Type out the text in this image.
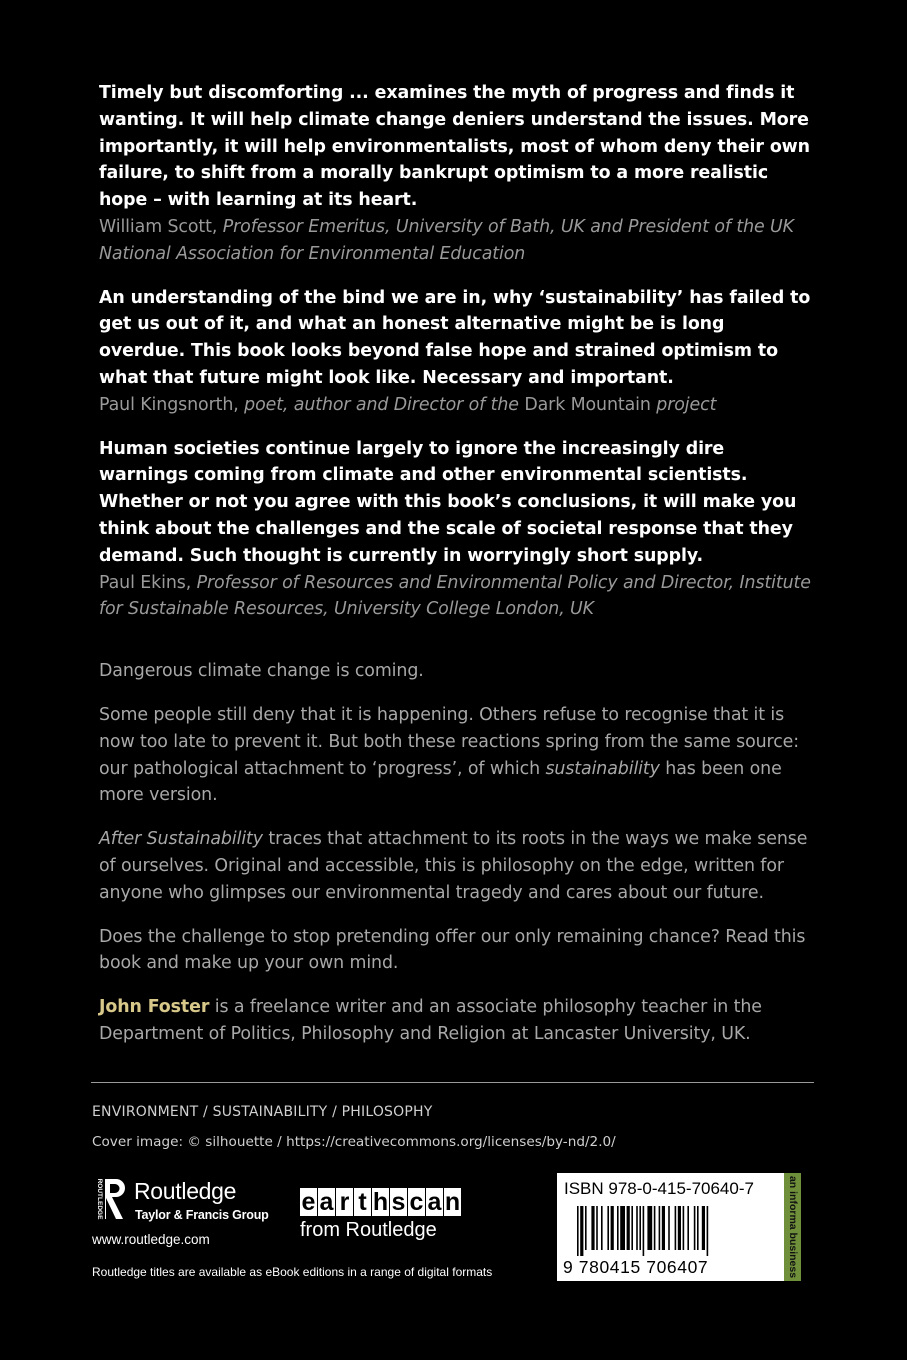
Timely but discomforting ... examines the myth of progress and finds it wanting. It will help climate change deniers understand the issues. More importantly, it will help environmentalists, most of whom deny their own failure, to shift from a morally bankrupt optimism to a more realistic hope – with learning at its heart.
William Scott, Professor Emeritus, University of Bath, UK and President of the UK National Association for Environmental Education
An understanding of the bind we are in, why ‘sustainability’ has failed to get us out of it, and what an honest alternative might be is long overdue. This book looks beyond false hope and strained optimism to what that future might look like. Necessary and important.
Paul Kingsnorth, poet, author and Director of the Dark Mountain project
Human societies continue largely to ignore the increasingly dire warnings coming from climate and other environmental scientists. Whether or not you agree with this book’s conclusions, it will make you think about the challenges and the scale of societal response that they demand. Such thought is currently in worryingly short supply.
Paul Ekins, Professor of Resources and Environmental Policy and Director, Institute for Sustainable Resources, University College London, UK

Dangerous climate change is coming.

Some people still deny that it is happening. Others refuse to recognise that it is now too late to prevent it. But both these reactions spring from the same source: our pathological attachment to ‘progress’, of which sustainability has been one more version.

After Sustainability traces that attachment to its roots in the ways we make sense of ourselves. Original and accessible, this is philosophy on the edge, written for anyone who glimpses our environmental tragedy and cares about our future.

Does the challenge to stop pretending offer our only remaining chance? Read this book and make up your own mind.

John Foster is a freelance writer and an associate philosophy teacher in the Department of Politics, Philosophy and Religion at Lancaster University, UK.

ENVIRONMENT / SUSTAINABILITY / PHILOSOPHY
Cover image: © silhouette / https://creativecommons.org/licenses/by-nd/2.0/
ROUTLEDGE Routledge
Taylor & Francis Group
www.routledge.com
e a r t h s c a n
from Routledge
Routledge titles are available as eBook editions in a range of digital formats
ISBN 978-0-415-70640-7
9 780415 706407	an informa business
